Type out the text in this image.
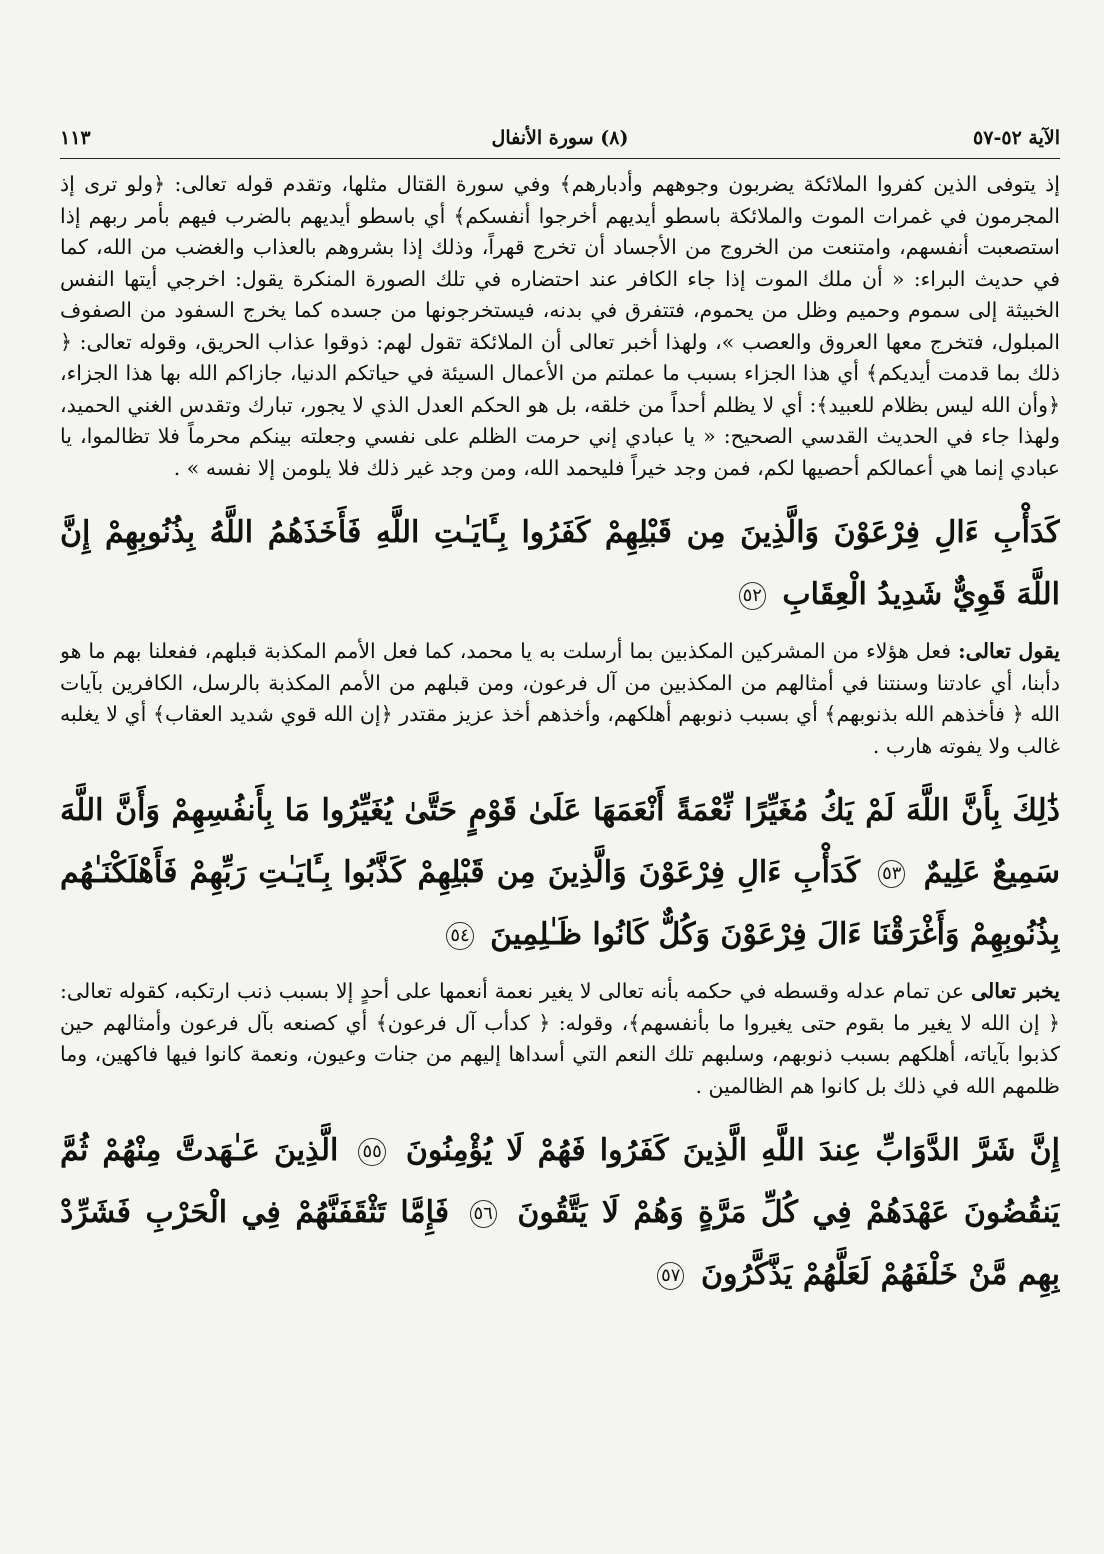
الآية ٥٢-٥٧
(٨) سورة الأنفال
١١٣

إذ يتوفى الذين كفروا الملائكة يضربون وجوههم وأدبارهم﴾ وفي سورة القتال مثلها، وتقدم قوله تعالى: ﴿ولو ترى إذ المجرمون في غمرات الموت والملائكة باسطو أيديهم أخرجوا أنفسكم﴾ أي باسطو أيديهم بالضرب فيهم بأمر ربهم إذا استصعبت أنفسهم، وامتنعت من الخروج من الأجساد أن تخرج قهراً، وذلك إذا بشروهم بالعذاب والغضب من الله، كما في حديث البراء: « أن ملك الموت إذا جاء الكافر عند احتضاره في تلك الصورة المنكرة يقول: اخرجي أيتها النفس الخبيثة إلى سموم وحميم وظل من يحموم، فتتفرق في بدنه، فيستخرجونها من جسده كما يخرج السفود من الصفوف المبلول، فتخرج معها العروق والعصب »، ولهذا أخبر تعالى أن الملائكة تقول لهم: ذوقوا عذاب الحريق، وقوله تعالى: ﴿ ذلك بما قدمت أيديكم﴾ أي هذا الجزاء بسبب ما عملتم من الأعمال السيئة في حياتكم الدنيا، جازاكم الله بها هذا الجزاء، ﴿وأن الله ليس بظلام للعبيد﴾: أي لا يظلم أحداً من خلقه، بل هو الحكم العدل الذي لا يجور، تبارك وتقدس الغني الحميد، ولهذا جاء في الحديث القدسي الصحيح: « يا عبادي إني حرمت الظلم على نفسي وجعلته بينكم محرماً فلا تظالموا، يا عبادي إنما هي أعمالكم أحصيها لكم، فمن وجد خيراً فليحمد الله، ومن وجد غير ذلك فلا يلومن إلا نفسه » .

كَدَأْبِ ءَالِ فِرْعَوْنَ وَالَّذِينَ مِن قَبْلِهِمْ كَفَرُوا بِـَٔايَـٰتِ اللَّهِ فَأَخَذَهُمُ اللَّهُ بِذُنُوبِهِمْ إِنَّ اللَّهَ قَوِيٌّ شَدِيدُ الْعِقَابِ ٥٢

يقول تعالى: فعل هؤلاء من المشركين المكذبين بما أرسلت به يا محمد، كما فعل الأمم المكذبة قبلهم، ففعلنا بهم ما هو دأبنا، أي عادتنا وسنتنا في أمثالهم من المكذبين من آل فرعون، ومن قبلهم من الأمم المكذبة بالرسل، الكافرين بآيات الله ﴿ فأخذهم الله بذنوبهم﴾ أي بسبب ذنوبهم أهلكهم، وأخذهم أخذ عزيز مقتدر ﴿إن الله قوي شديد العقاب﴾ أي لا يغلبه غالب ولا يفوته هارب .

ذَٰلِكَ بِأَنَّ اللَّهَ لَمْ يَكُ مُغَيِّرًا نِّعْمَةً أَنْعَمَهَا عَلَىٰ قَوْمٍ حَتَّىٰ يُغَيِّرُوا مَا بِأَنفُسِهِمْ وَأَنَّ اللَّهَ سَمِيعٌ عَلِيمٌ ٥٣ كَدَأْبِ ءَالِ فِرْعَوْنَ وَالَّذِينَ مِن قَبْلِهِمْ كَذَّبُوا بِـَٔايَـٰتِ رَبِّهِمْ فَأَهْلَكْنَـٰهُم بِذُنُوبِهِمْ وَأَغْرَقْنَا ءَالَ فِرْعَوْنَ وَكُلٌّ كَانُوا ظَـٰلِمِينَ ٥٤

يخبر تعالى عن تمام عدله وقسطه في حكمه بأنه تعالى لا يغير نعمة أنعمها على أحدٍ إلا بسبب ذنب ارتكبه، كقوله تعالى: ﴿ إن الله لا يغير ما بقوم حتى يغيروا ما بأنفسهم﴾، وقوله: ﴿ كدأب آل فرعون﴾ أي كصنعه بآل فرعون وأمثالهم حين كذبوا بآياته، أهلكهم بسبب ذنوبهم، وسلبهم تلك النعم التي أسداها إليهم من جنات وعيون، ونعمة كانوا فيها فاكهين، وما ظلمهم الله في ذلك بل كانوا هم الظالمين .

إِنَّ شَرَّ الدَّوَابِّ عِندَ اللَّهِ الَّذِينَ كَفَرُوا فَهُمْ لَا يُؤْمِنُونَ ٥٥ الَّذِينَ عَـٰهَدتَّ مِنْهُمْ ثُمَّ يَنقُضُونَ عَهْدَهُمْ فِي كُلِّ مَرَّةٍ وَهُمْ لَا يَتَّقُونَ ٥٦ فَإِمَّا تَثْقَفَنَّهُمْ فِي الْحَرْبِ فَشَرِّدْ بِهِم مَّنْ خَلْفَهُمْ لَعَلَّهُمْ يَذَّكَّرُونَ ٥٧
